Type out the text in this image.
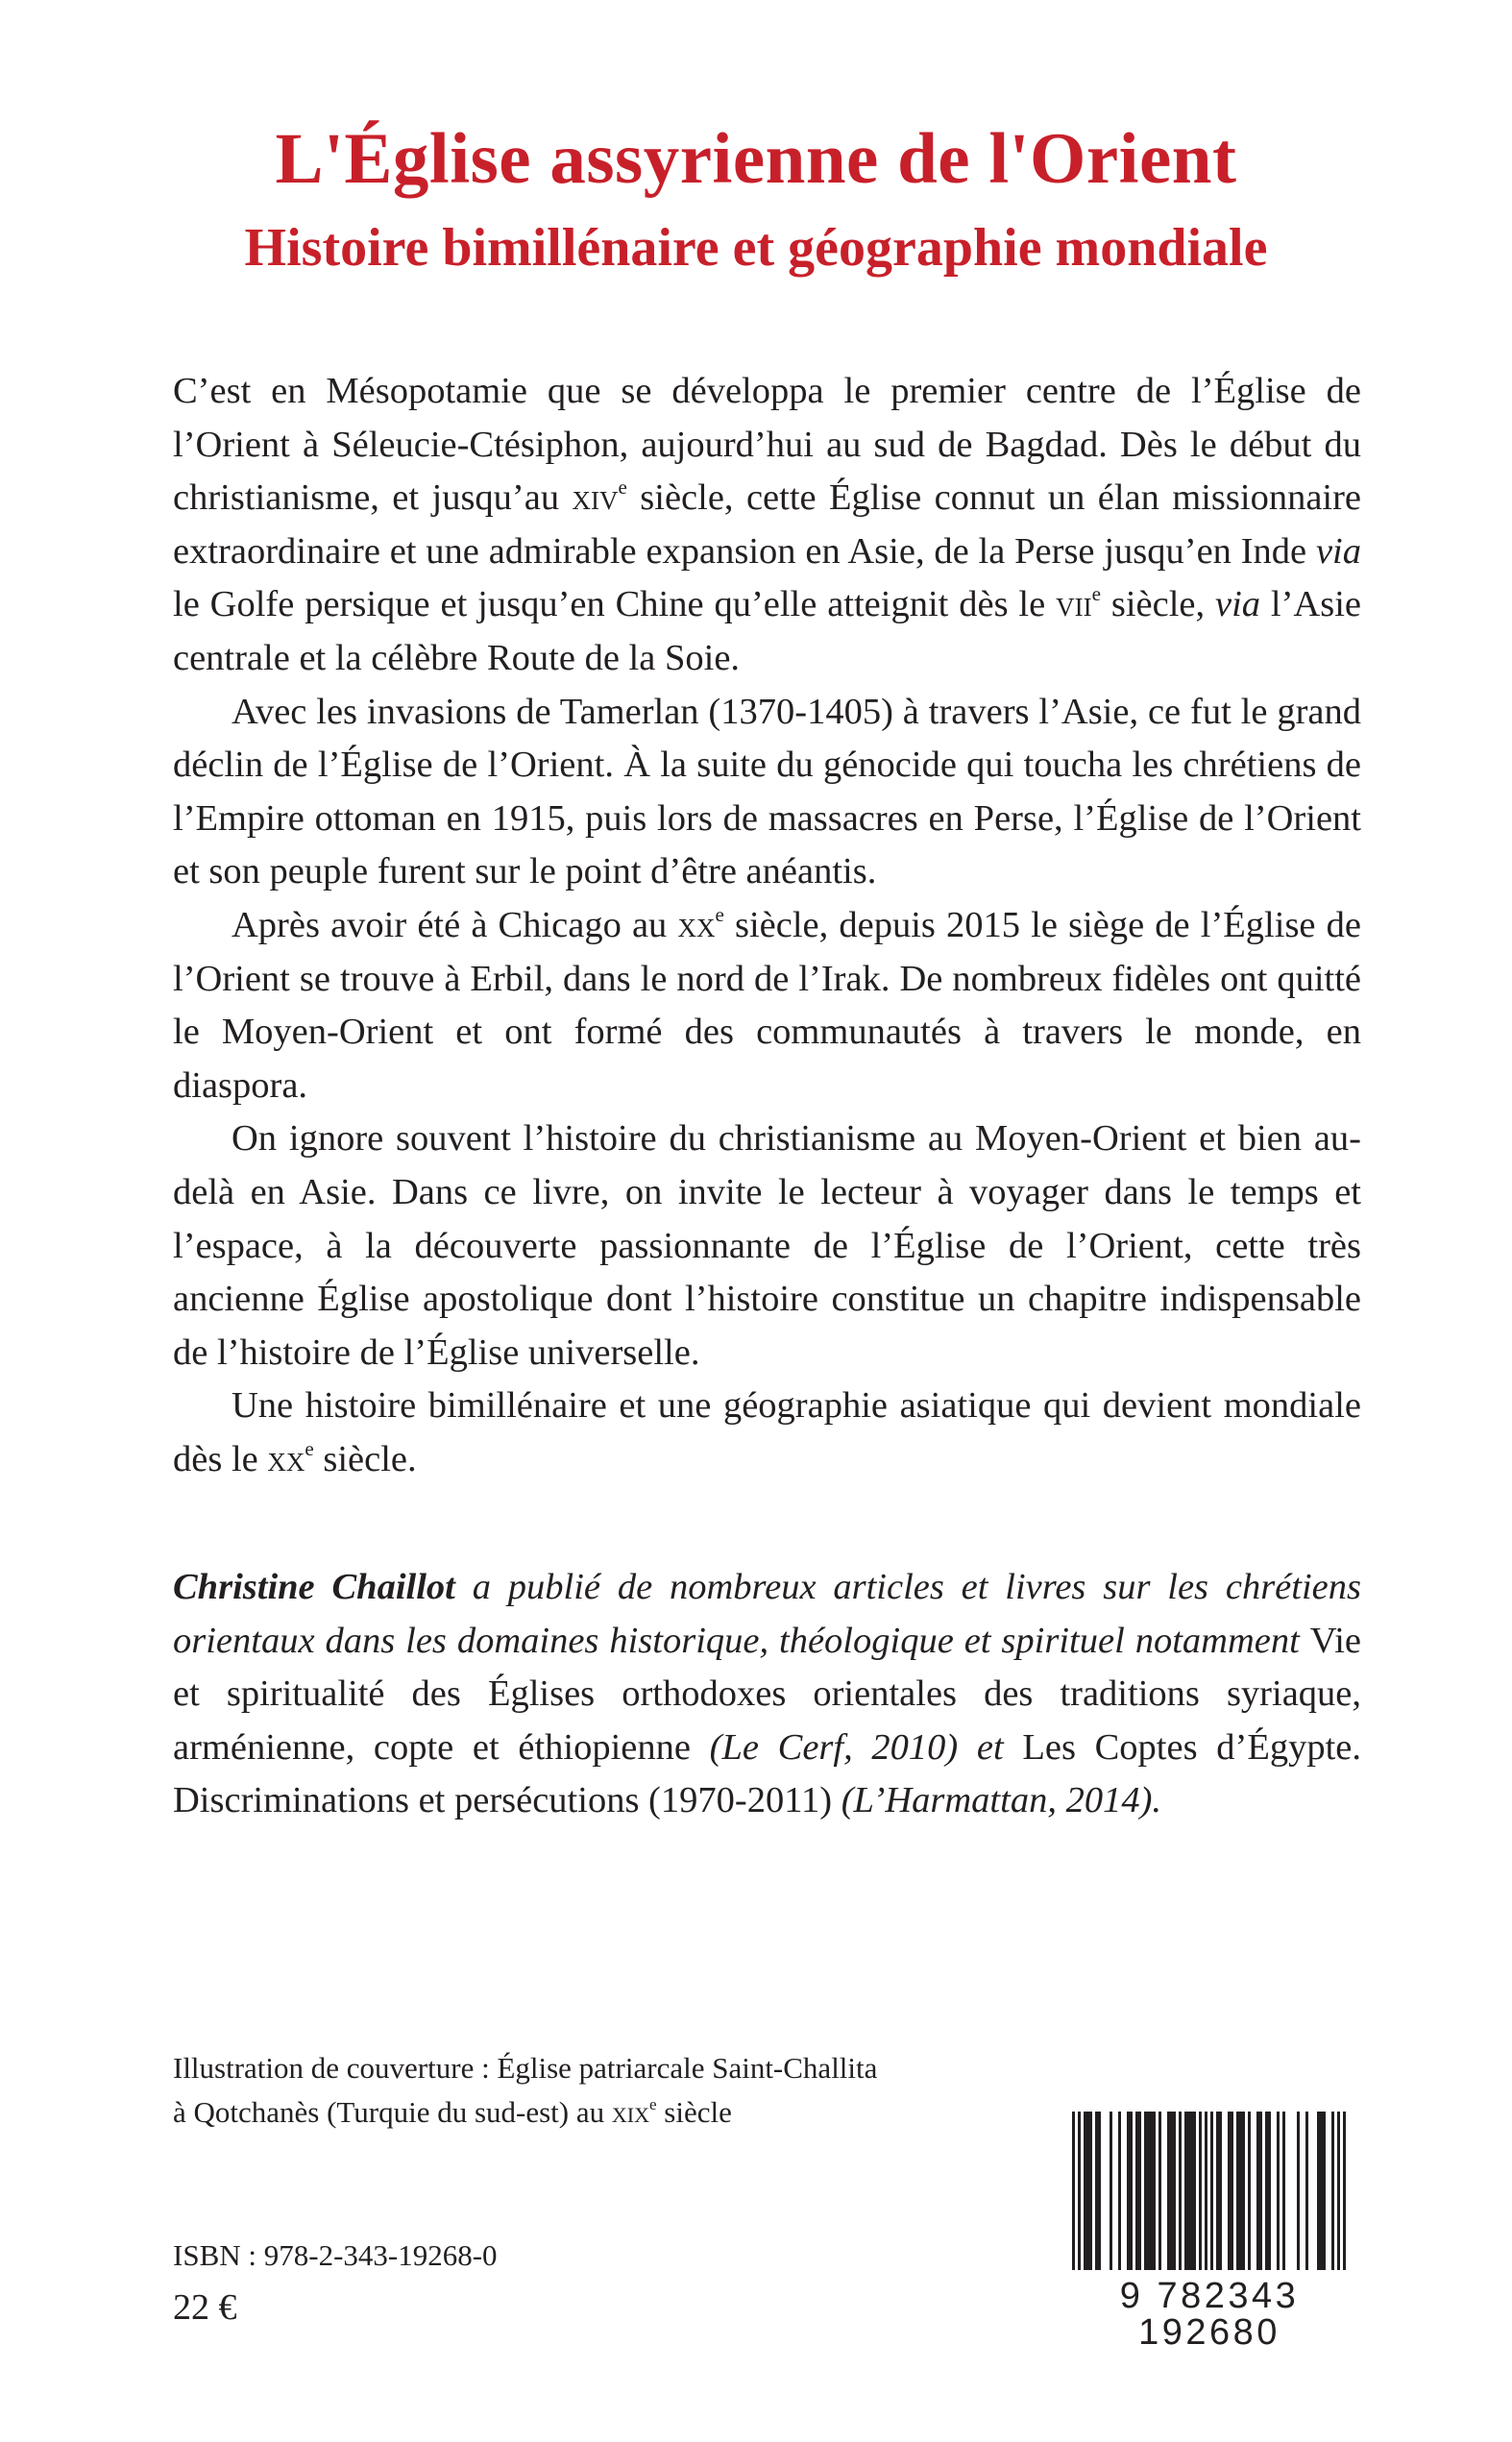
L'Église assyrienne de l'Orient
Histoire bimillénaire et géographie mondiale

C’est en Mésopotamie que se développa le premier centre de l’Église de l’Orient à Séleucie-Ctésiphon, aujourd’hui au sud de Bagdad. Dès le début du christianisme, et jusqu’au xiv$^e$ siècle, cette Église connut un élan missionnaire extraordinaire et une admirable expansion en Asie, de la Perse jusqu’en Inde via le Golfe persique et jusqu’en Chine qu’elle atteignit dès le vii$^e$ siècle, via l’Asie centrale et la célèbre Route de la Soie.

Avec les invasions de Tamerlan (1370-1405) à travers l’Asie, ce fut le grand déclin de l’Église de l’Orient. À la suite du génocide qui toucha les chrétiens de l’Empire ottoman en 1915, puis lors de massacres en Perse, l’Église de l’Orient et son peuple furent sur le point d’être anéantis.

Après avoir été à Chicago au $xx^e$ siècle, depuis 2015 le siège de l’Église de l’Orient se trouve à Erbil, dans le nord de l’Irak. De nombreux fidèles ont quitté le Moyen-Orient et ont formé des communautés à travers le monde, en diaspora.

On ignore souvent l’histoire du christianisme au Moyen-Orient et bien au-delà en Asie. Dans ce livre, on invite le lecteur à voyager dans le temps et l’espace, à la découverte passionnante de l’Église de l’Orient, cette très ancienne Église apostolique dont l’histoire constitue un chapitre indispensable de l’histoire de l’Église universelle.

Une histoire bimillénaire et une géographie asiatique qui devient mondiale dès le $xx^e$ siècle.

Christine Chaillot a publié de nombreux articles et livres sur les chrétiens orientaux dans les domaines historique, théologique et spirituel notamment Vie et spiritualité des Églises orthodoxes orientales des traditions syriaque, arménienne, copte et éthiopienne (Le Cerf, 2010) et Les Coptes d’Égypte. Discriminations et persécutions (1970-2011) (L’Harmattan, 2014).

Illustration de couverture : Église patriarcale Saint-Challita
à Qotchanès (Turquie du sud-est) au xix$^e$ siècle

ISBN : 978-2-343-19268-0

22 €	9 782343 192680
